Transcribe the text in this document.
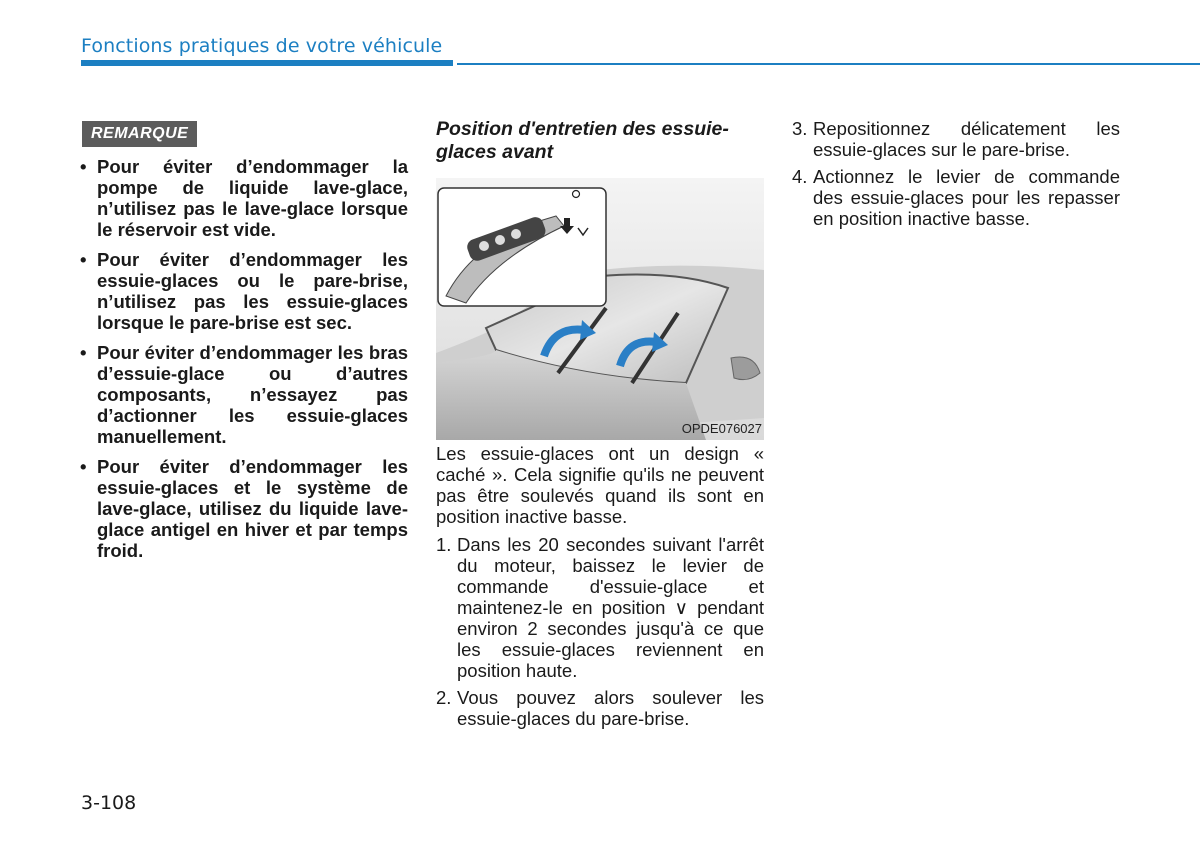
Fonctions pratiques de votre véhicule
REMARQUE
• Pour éviter d’endommager la pompe de liquide lave-glace, n’utilisez pas le lave-glace lorsque le réservoir est vide.
• Pour éviter d’endommager les essuie-glaces ou le pare-brise, n’utilisez pas les essuie-glaces lorsque le pare-brise est sec.
• Pour éviter d’endommager les bras d’essuie-glace ou d’autres composants, n’essayez pas d’actionner les essuie-glaces manuellement.
• Pour éviter d’endommager les essuie-glaces et le système de lave-glace, utilisez du liquide lave-glace antigel en hiver et par temps froid.
Position d'entretien des essuie-glaces avant
OPDE076027

Les essuie-glaces ont un design « caché ». Cela signifie qu'ils ne peuvent pas être soulevés quand ils sont en position inactive basse.

1. Dans les 20 secondes suivant l'arrêt du moteur, baissez le levier de commande d'essuie-glace et maintenez-le en position ∨ pendant environ 2 secondes jusqu'à ce que les essuie-glaces reviennent en position haute.
2. Vous pouvez alors soulever les essuie-glaces du pare-brise.
3. Repositionnez délicatement les essuie-glaces sur le pare-brise.
4. Actionnez le levier de commande des essuie-glaces pour les repasser en position inactive basse.
3-108
